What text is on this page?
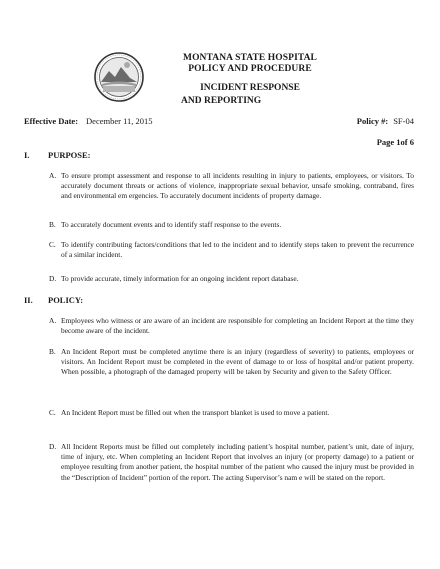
MONTANA STATE HOSPITAL
POLICY AND PROCEDURE
INCIDENT RESPONSE
AND REPORTING
Effective Date: December 11, 2015	Policy #: SF-04
Page 1of 6
I. PURPOSE:
A. To ensure prompt assessment and response to all incidents resulting in injury to patients, employees, or visitors. To accurately document threats or actions of violence, inappropriate sexual behavior, unsafe smoking, contraband, fires and environmental em ergencies. To accurately document incidents of property damage.
B. To accurately document events and to identify staff response to the events.
C. To identify contributing factors/conditions that led to the incident and to identify steps taken to prevent the recurrence of a similar incident.
D. To provide accurate, timely information for an ongoing incident report database.
II. POLICY:
A. Employees who witness or are aware of an incident are responsible for completing an Incident Report at the time they become aware of the incident.
B. An Incident Report must be completed anytime there is an injury (regardless of severity) to patients, employees or visitors. An Incident Report must be completed in the event of damage to or loss of hospital and/or patient property. When possible, a photograph of the damaged property will be taken by Security and given to the Safety Officer.
C. An Incident Report must be filled out when the transport blanket is used to move a patient.
D. All Incident Reports must be filled out completely including patient’s hospital number, patient’s unit, date of injury, time of injury, etc. When completing an Incident Report that involves an injury (or property damage) to a patient or employee resulting from another patient, the hospital number of the patient who caused the injury must be provided in the “Description of Incident” portion of the report. The acting Supervisor’s nam e will be stated on the report.
